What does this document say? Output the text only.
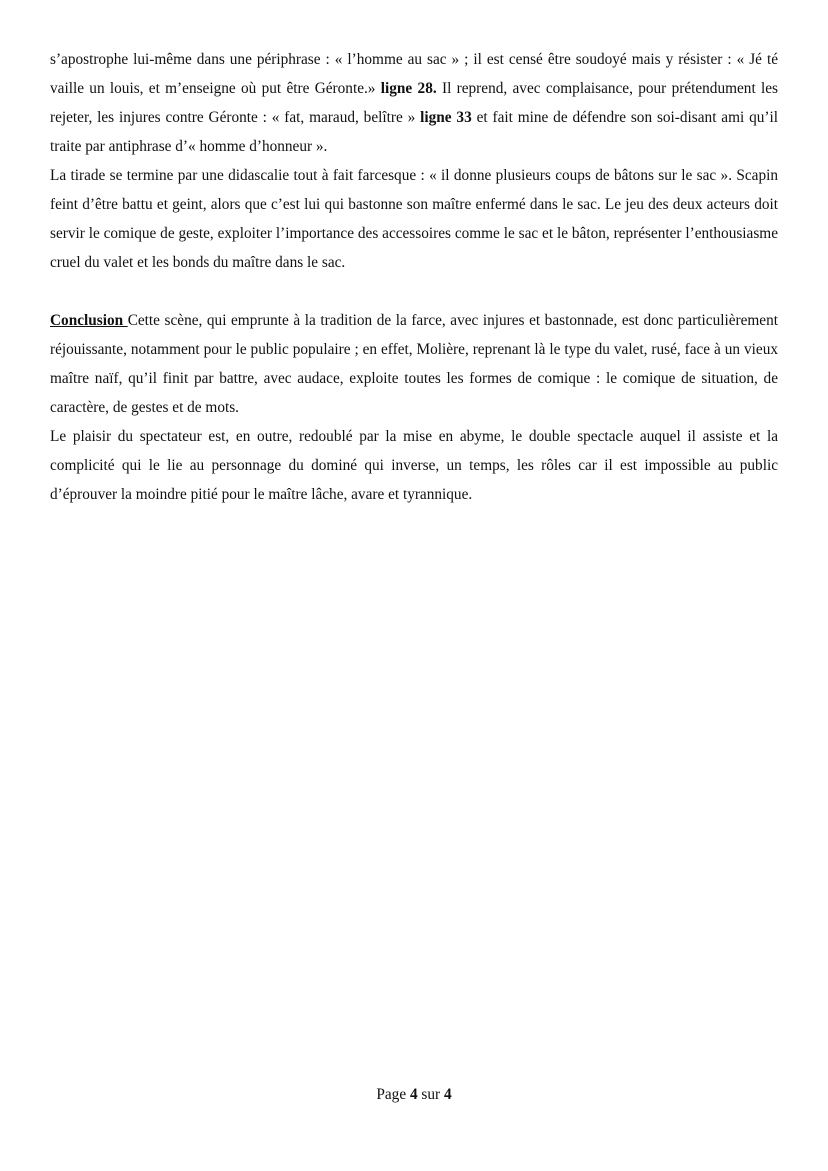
s’apostrophe lui-même dans une périphrase : « l’homme au sac » ; il est censé être soudoyé mais y résister : « Jé té vaille un louis, et m’enseigne où put être Géronte.» ligne 28. Il reprend, avec complaisance, pour prétendument les rejeter, les injures contre Géronte : « fat, maraud, belître » ligne 33 et fait mine de défendre son soi-disant ami qu’il traite par antiphrase d’« homme d’honneur ».

La tirade se termine par une didascalie tout à fait farcesque : « il donne plusieurs coups de bâtons sur le sac ». Scapin feint d’être battu et geint, alors que c’est lui qui bastonne son maître enfermé dans le sac. Le jeu des deux acteurs doit servir le comique de geste, exploiter l’importance des accessoires comme le sac et le bâton, représenter l’enthousiasme cruel du valet et les bonds du maître dans le sac.

Conclusion Cette scène, qui emprunte à la tradition de la farce, avec injures et bastonnade, est donc particulièrement réjouissante, notamment pour le public populaire ; en effet, Molière, reprenant là le type du valet, rusé, face à un vieux maître naïf, qu’il finit par battre, avec audace, exploite toutes les formes de comique : le comique de situation, de caractère, de gestes et de mots.

Le plaisir du spectateur est, en outre, redoublé par la mise en abyme, le double spectacle auquel il assiste et la complicité qui le lie au personnage du dominé qui inverse, un temps, les rôles car il est impossible au public d’éprouver la moindre pitié pour le maître lâche, avare et tyrannique.

Page 4 sur 4
